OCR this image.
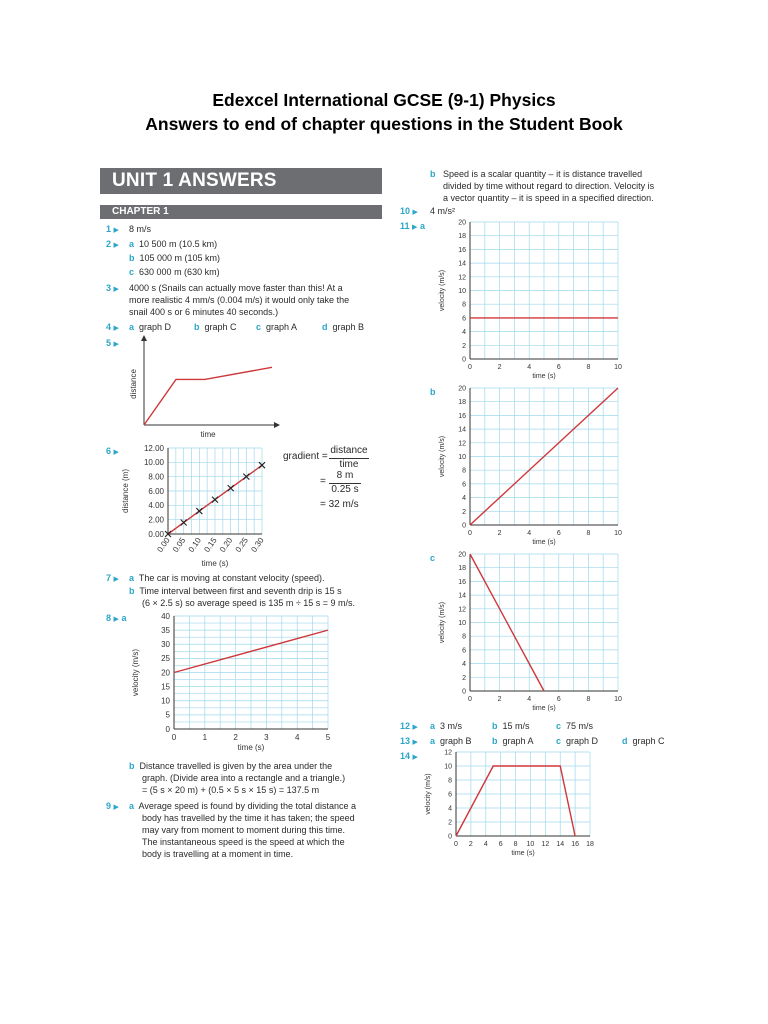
Edexcel International GCSE (9-1) Physics
Answers to end of chapter questions in the Student Book
UNIT 1 ANSWERS
CHAPTER 1
1 ▶ 8 m/s
2 ▶ a 10 500 m (10.5 km)
b 105 000 m (105 km)
c 630 000 m (630 km)
3 ▶ 4000 s (Snails can actually move faster than this! At a
more realistic 4 mm/s (0.004 m/s) it would only take the
snail 400 s or 6 minutes 40 seconds.)
4 ▶ a graph D	b graph C c graph A	d graph B
5 ▶
time
distance
6 ▶
0.00 0.05 0.10 0.15 0.20 0.25 0.30
0.00
2.00
4.00
6.00
8.00
10.00
12.00
time (s)
distance (m)
gradient =
distance
time
=
8 m
0.25 s
= 32 m/s
7 ▶ a The car is moving at constant velocity (speed).
b Time interval between first and seventh drip is 15 s
(6 × 2.5 s) so average speed is 135 m ÷ 15 s = 9 m/s.
8 ▶ a
0	1	2	3	4	5
0
5
10
15
20
25
30
35
40
time (s)
velocity (m/s)
b Distance travelled is given by the area under the
graph. (Divide area into a rectangle and a triangle.)
= (5 s × 20 m) + (0.5 × 5 s × 15 s) = 137.5 m
9 ▶ a Average speed is found by dividing the total distance a
body has travelled by the time it has taken; the speed
may vary from moment to moment during this time.
The instantaneous speed is the speed at which the
body is travelling at a moment in time.
b Speed is a scalar quantity – it is distance travelled
divided by time without regard to direction. Velocity is
a vector quantity – it is speed in a specified direction.
10 ▶ 4 m/s²
11 ▶ a
0	2	4	6	8	10
0
2
4
6
8
10
12
14
16
18
20
time (s)
velocity (m/s)
b
0	2	4	6	8	10
0
2
4
6
8
10
12
14
16
18
20
time (s)
velocity (m/s)
c
0	2	4	6	8	10
0
2
4
6
8
10
12
14
16
18
20
time (s)
velocity (m/s)
12 ▶ a 3 m/s	b 15 m/s	c 75 m/s
13 ▶ a graph B b graph A c graph D	d graph C
14 ▶
0 2 4 6 8 10 12 14 16 18
0
2
4
6
8
10
12
time (s)
velocity (m/s)
